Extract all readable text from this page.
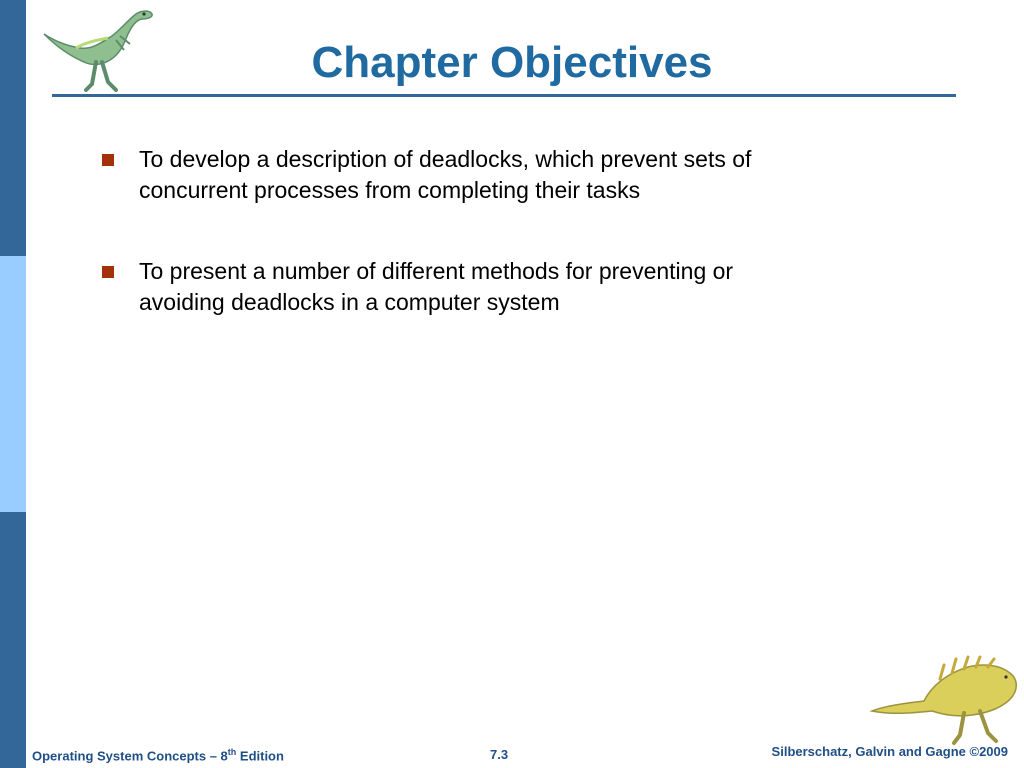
Chapter Objectives
To develop a description of deadlocks, which prevent sets of
concurrent processes from completing their tasks
To present a number of different methods for preventing or
avoiding deadlocks in a computer system
Operating System Concepts – 8th Edition	7.3	Silberschatz, Galvin and Gagne ©2009
